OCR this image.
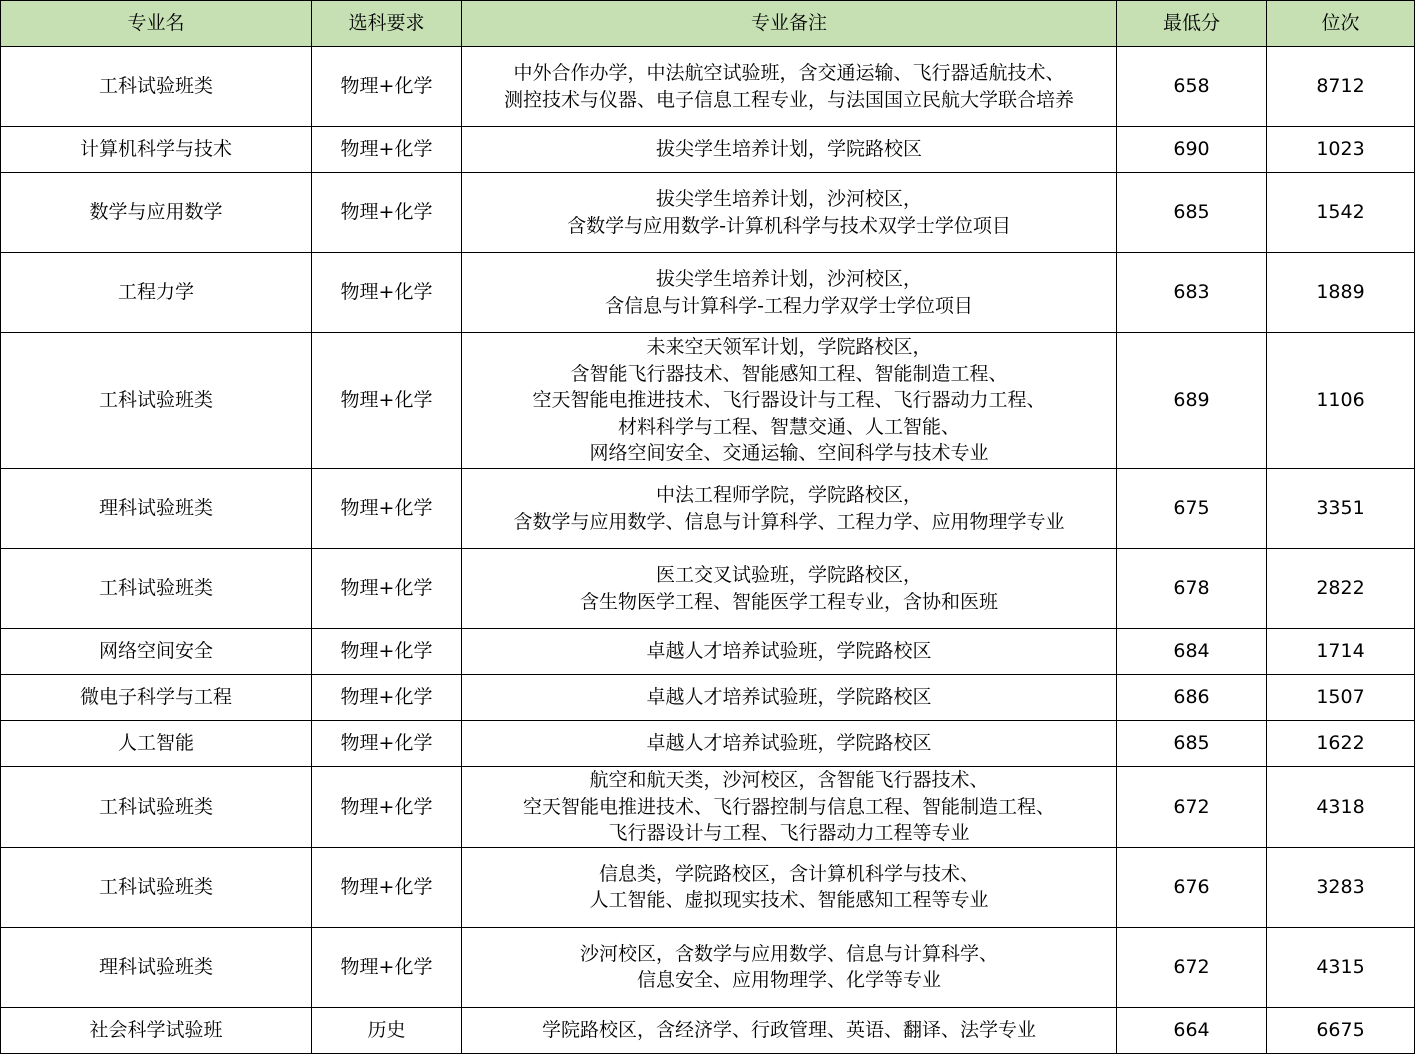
专业名	选科要求	专业备注	最低分	位次
工科试验班类	物理+化学	中外合作办学，中法航空试验班，含交通运输、飞行器适航技术、
测控技术与仪器、电子信息工程专业，与法国国立民航大学联合培养	658	8712
计算机科学与技术	物理+化学	拔尖学生培养计划，学院路校区	690	1023
数学与应用数学	物理+化学	拔尖学生培养计划，沙河校区，
含数学与应用数学-计算机科学与技术双学士学位项目	685	1542
工程力学	物理+化学	拔尖学生培养计划，沙河校区，
含信息与计算科学-工程力学双学士学位项目	683	1889
工科试验班类	物理+化学	未来空天领军计划，学院路校区，
含智能飞行器技术、智能感知工程、智能制造工程、
空天智能电推进技术、飞行器设计与工程、飞行器动力工程、
材料科学与工程、智慧交通、人工智能、
网络空间安全、交通运输、空间科学与技术专业	689	1106
理科试验班类	物理+化学	中法工程师学院，学院路校区，
含数学与应用数学、信息与计算科学、工程力学、应用物理学专业	675	3351
工科试验班类	物理+化学	医工交叉试验班，学院路校区，
含生物医学工程、智能医学工程专业，含协和医班	678	2822
网络空间安全	物理+化学	卓越人才培养试验班，学院路校区	684	1714
微电子科学与工程	物理+化学	卓越人才培养试验班，学院路校区	686	1507
人工智能	物理+化学	卓越人才培养试验班，学院路校区	685	1622
工科试验班类	物理+化学	航空和航天类，沙河校区，含智能飞行器技术、
空天智能电推进技术、飞行器控制与信息工程、智能制造工程、
飞行器设计与工程、飞行器动力工程等专业	672	4318
工科试验班类	物理+化学	信息类，学院路校区，含计算机科学与技术、
人工智能、虚拟现实技术、智能感知工程等专业	676	3283
理科试验班类	物理+化学	沙河校区，含数学与应用数学、信息与计算科学、
信息安全、应用物理学、化学等专业	672	4315
社会科学试验班	历史	学院路校区，含经济学、行政管理、英语、翻译、法学专业	664	6675
